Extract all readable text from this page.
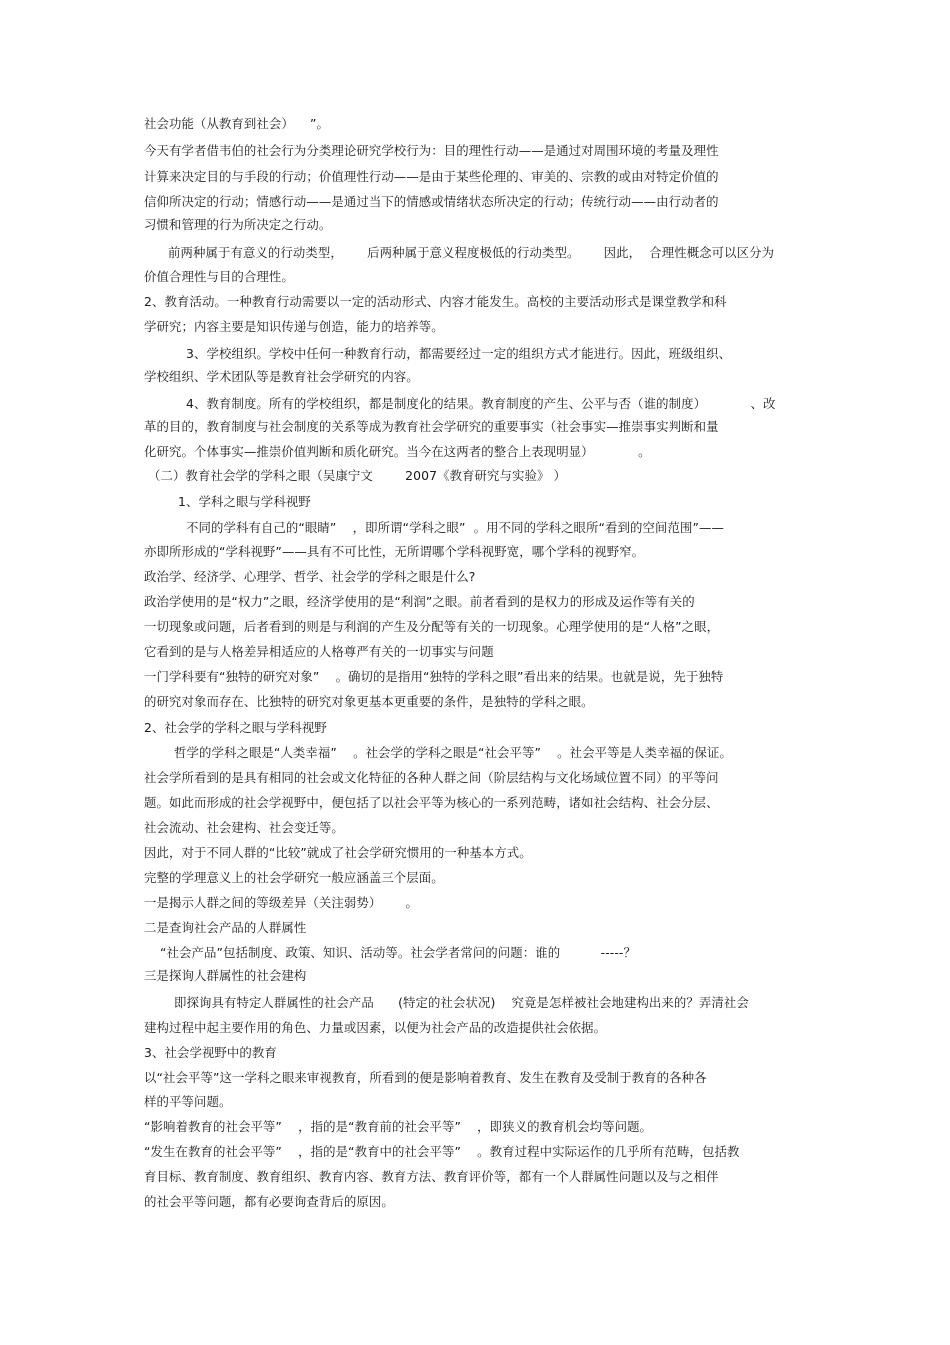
社会功能（从教育到社会）    ”。
今天有学者借韦伯的社会行为分类理论研究学校行为：目的理性行动——是通过对周围环境的考量及理性
计算来决定目的与手段的行动；价值理性行动——是由于某些伦理的、审美的、宗教的或由对特定价值的
信仰所决定的行动；情感行动——是通过当下的情感或情绪状态所决定的行动；传统行动——由行动者的
习惯和管理的行为所决定之行动。
前两种属于有意义的行动类型，      后两种属于意义程度极低的行动类型。      因此，  合理性概念可以区分为
价值合理性与目的合理性。
2、教育活动。一种教育行动需要以一定的活动形式、内容才能发生。高校的主要活动形式是课堂教学和科
学研究；内容主要是知识传递与创造，能力的培养等。
3、学校组织。学校中任何一种教育行动，都需要经过一定的组织方式才能进行。因此，班级组织、
学校组织、学术团队等是教育社会学研究的内容。
4、教育制度。所有的学校组织，都是制度化的结果。教育制度的产生、公平与否（谁的制度）           、改
革的目的，教育制度与社会制度的关系等成为教育社会学研究的重要事实（社会事实—推崇事实判断和量
化研究。个体事实—推崇价值判断和质化研究。当今在这两者的整合上表现明显）           。
（二）教育社会学的学科之眼（吴康宁文        2007《教育研究与实验》 ）
1、学科之眼与学科视野
不同的学科有自己的“眼睛”    ，即所谓“学科之眼”  。用不同的学科之眼所“看到的空间范围”——
亦即所形成的“学科视野”——具有不可比性，无所谓哪个学科视野宽，哪个学科的视野窄。
政治学、经济学、心理学、哲学、社会学的学科之眼是什么?
政治学使用的是“权力”之眼，经济学使用的是“利润”之眼。前者看到的是权力的形成及运作等有关的
一切现象或问题，后者看到的则是与利润的产生及分配等有关的一切现象。心理学使用的是“人格”之眼，
它看到的是与人格差异相适应的人格尊严有关的一切事实与问题
一门学科要有“独特的研究对象”    。确切的是指用“独特的学科之眼”看出来的结果。也就是说，先于独特
的研究对象而存在、比独特的研究对象更基本更重要的条件，是独特的学科之眼。
2、社会学的学科之眼与学科视野
哲学的学科之眼是“人类幸福”    。社会学的学科之眼是“社会平等”    。社会平等是人类幸福的保证。
社会学所看到的是具有相同的社会或文化特征的各种人群之间（阶层结构与文化场域位置不同）的平等问
题。如此而形成的社会学视野中，便包括了以社会平等为核心的一系列范畴，诸如社会结构、社会分层、
社会流动、社会建构、社会变迁等。
因此，对于不同人群的“比较”就成了社会学研究惯用的一种基本方式。
完整的学理意义上的社会学研究一般应涵盖三个层面。
一是揭示人群之间的等级差异（关注弱势）      。
二是查询社会产品的人群属性
“社会产品”包括制度、政策、知识、活动等。社会学者常问的问题：谁的          -----？
三是探询人群属性的社会建构
即探询具有特定人群属性的社会产品      (特定的社会状况)    究竟是怎样被社会地建构出来的？弄清社会
建构过程中起主要作用的角色、力量或因素，以便为社会产品的改造提供社会依据。
3、社会学视野中的教育
以“社会平等”这一学科之眼来审视教育，所看到的便是影响着教育、发生在教育及受制于教育的各种各
样的平等问题。
“影响着教育的社会平等”    ，指的是“教育前的社会平等”    ，即狭义的教育机会均等问题。
“发生在教育的社会平等”    ，指的是“教育中的社会平等”    。教育过程中实际运作的几乎所有范畴，包括教
育目标、教育制度、教育组织、教育内容、教育方法、教育评价等，都有一个人群属性问题以及与之相伴
的社会平等问题，都有必要询查背后的原因。
